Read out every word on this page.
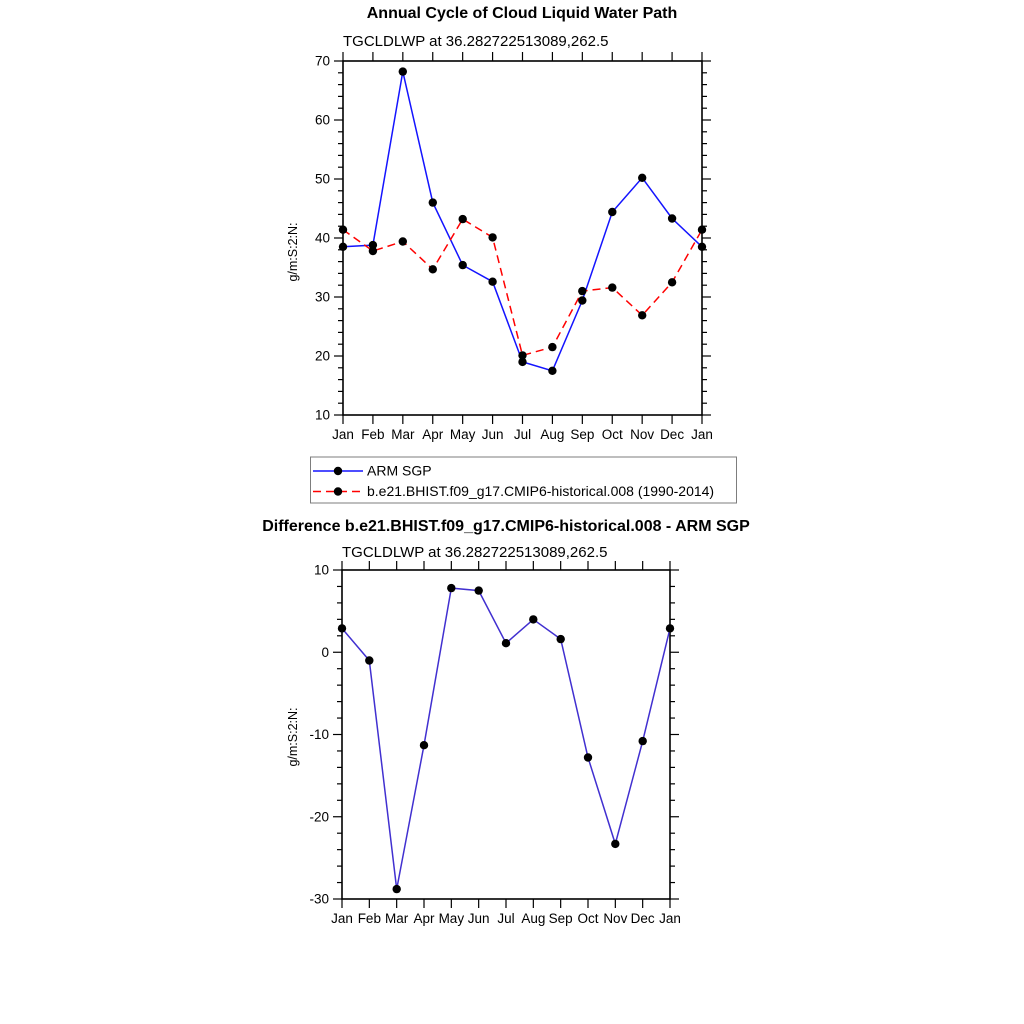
Annual Cycle of Cloud Liquid Water Path
TGCLDLWP at 36.282722513089,262.5
g/m:S:2:N:
10
20
30
40
50
60
70
Jan Feb Mar Apr May Jun Jul Aug Sep Oct Nov Dec Jan
ARM SGP
b.e21.BHIST.f09_g17.CMIP6-historical.008 (1990-2014)
Difference b.e21.BHIST.f09_g17.CMIP6-historical.008 - ARM SGP
TGCLDLWP at 36.282722513089,262.5
g/m:S:2:N:
-30
-20
-10
0
10
Jan Feb Mar Apr May Jun Jul Aug Sep Oct Nov Dec Jan
